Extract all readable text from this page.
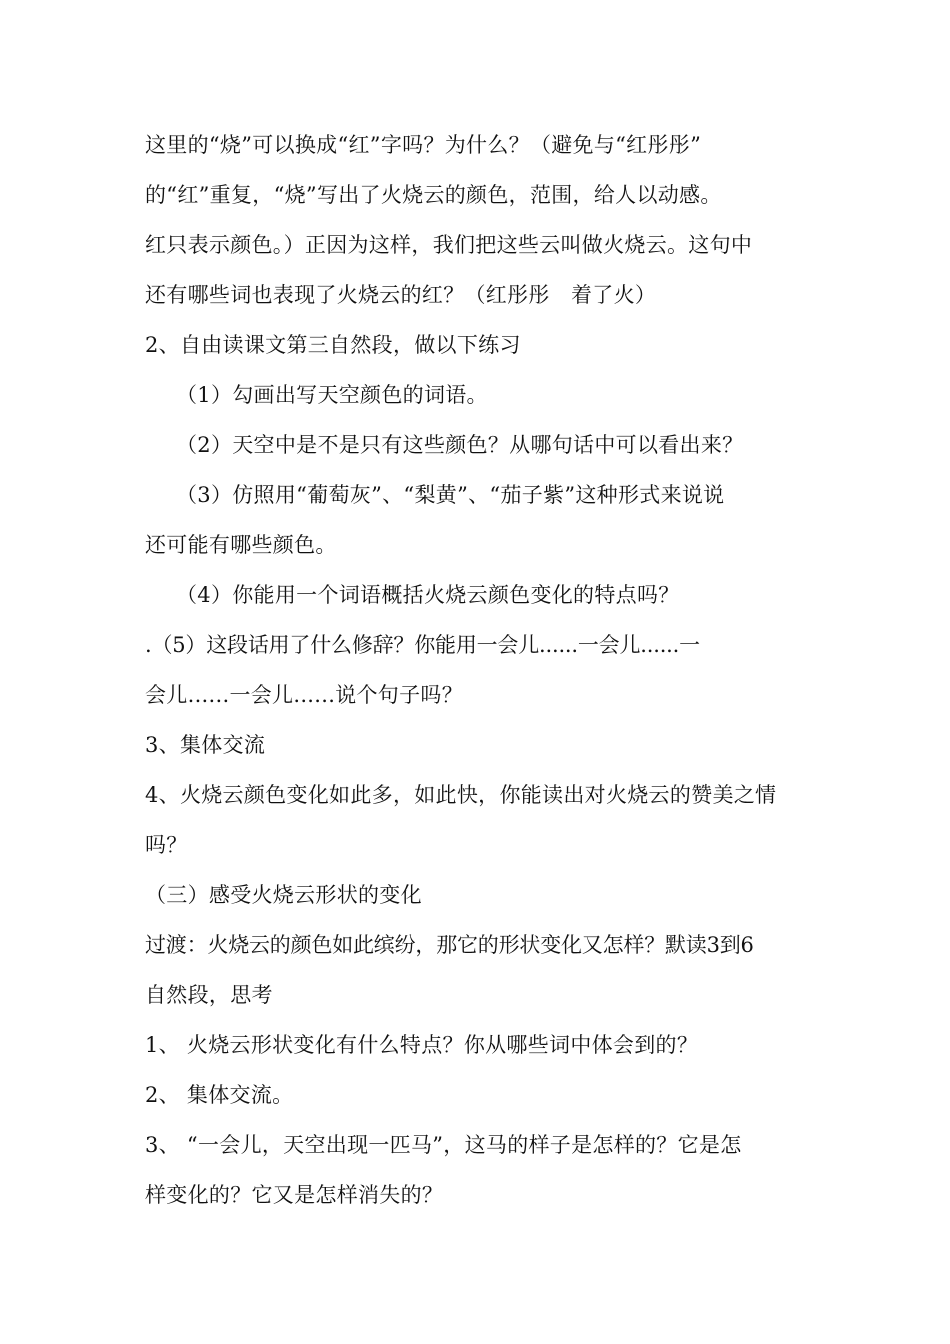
这里的“烧”可以换成“红”字吗？为什么？（避免与“红彤彤”
的“红”重复，“烧”写出了火烧云的颜色，范围，给人以动感。
红只表示颜色。）正因为这样，我们把这些云叫做火烧云。这句中
还有哪些词也表现了火烧云的红？（红彤彤　着了火）
2、自由读课文第三自然段，做以下练习
（1）勾画出写天空颜色的词语。
（2）天空中是不是只有这些颜色？从哪句话中可以看出来？
（3）仿照用“葡萄灰”、“梨黄”、“茄子紫”这种形式来说说
还可能有哪些颜色。
（4）你能用一个词语概括火烧云颜色变化的特点吗？
.（5）这段话用了什么修辞？你能用一会儿......一会儿......一
会儿......一会儿......说个句子吗？
3、集体交流
4、火烧云颜色变化如此多，如此快，你能读出对火烧云的赞美之情
吗？
（三）感受火烧云形状的变化
过渡：火烧云的颜色如此缤纷，那它的形状变化又怎样？默读3到6
自然段，思考
1、 火烧云形状变化有什么特点？你从哪些词中体会到的？
2、 集体交流。
3、 “一会儿，天空出现一匹马”，这马的样子是怎样的？它是怎
样变化的？它又是怎样消失的？
